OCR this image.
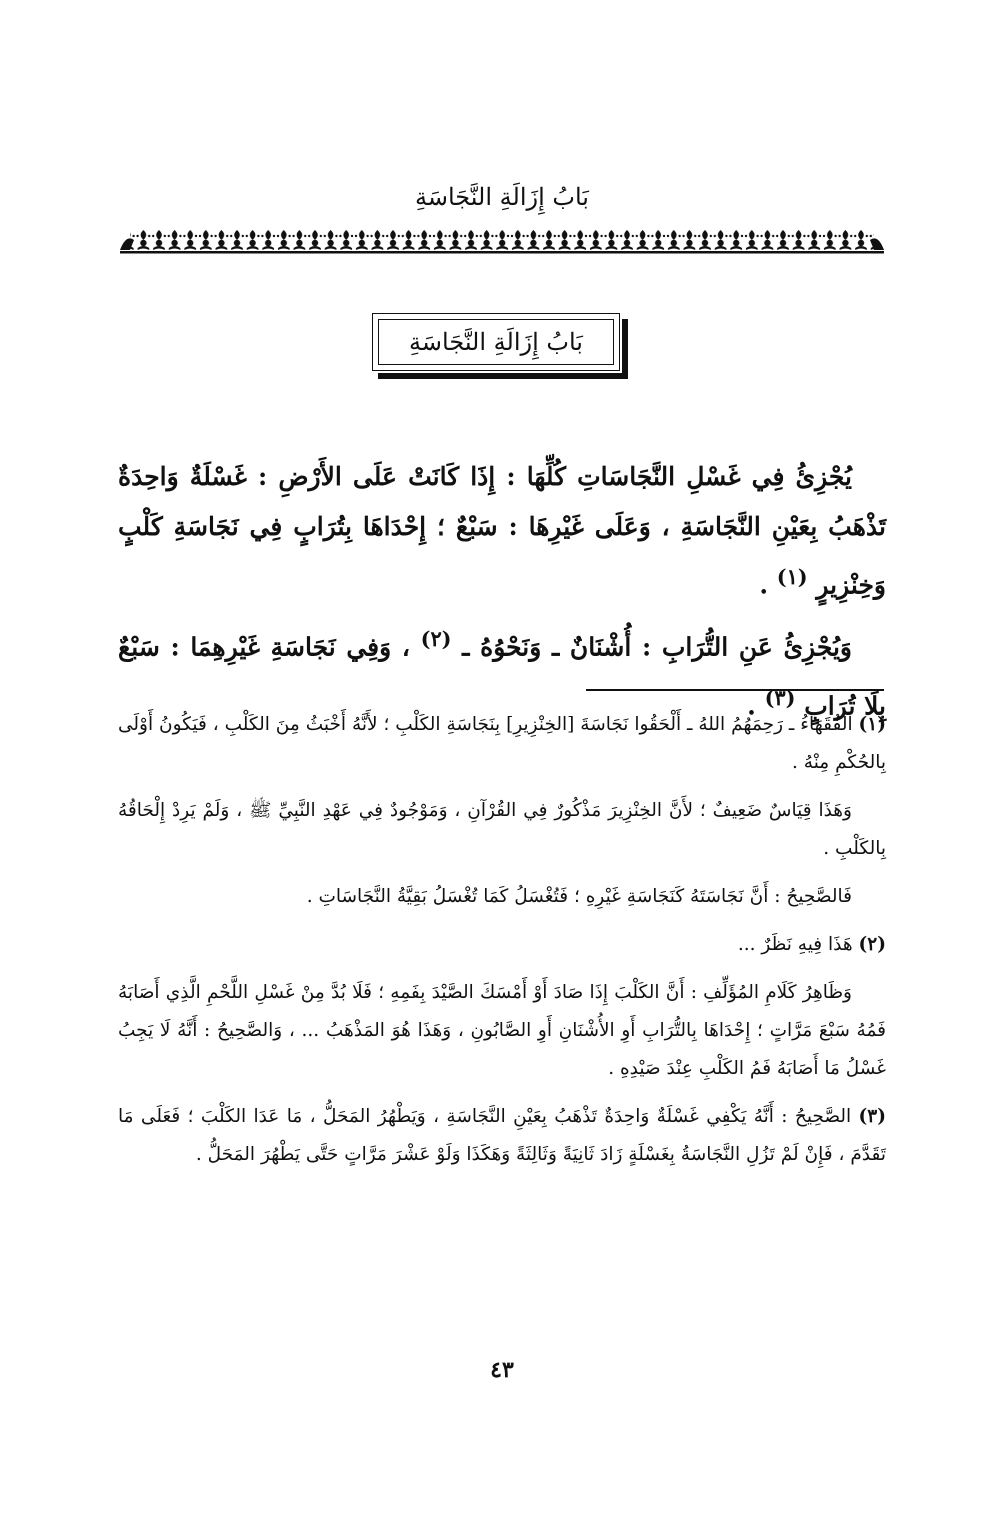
بَابُ إِزَالَةِ النَّجَاسَةِ
بَابُ إِزَالَةِ النَّجَاسَةِ

يُجْزِئُ فِي غَسْلِ النَّجَاسَاتِ كُلِّهَا : إِذَا كَانَتْ عَلَى الأَرْضِ : غَسْلَةٌ وَاحِدَةٌ تَذْهَبُ بِعَيْنِ النَّجَاسَةِ ، وَعَلَى غَيْرِهَا : سَبْعٌ ؛ إِحْدَاهَا بِتُرَابٍ فِي نَجَاسَةِ كَلْبٍ وَخِنْزِيرٍ $^{(١)}$ .

وَيُجْزِئُ عَنِ التُّرَابِ : أُشْنَانٌ ـ وَنَحْوُهُ ـ $^{(٢)}$ ، وَفِي نَجَاسَةِ غَيْرِهِمَا : سَبْعٌ بِلَا تُرَابٍ $^{(٣)}$ .

(١) الفُقَهَاءُ ـ رَحِمَهُمُ اللهُ ـ أَلْحَقُوا نَجَاسَةَ [الخِنْزِيرِ] بِنَجَاسَةِ الكَلْبِ ؛ لأَنَّهُ أَخْبَثُ مِنَ الكَلْبِ ، فَيَكُونُ أَوْلَى بِالحُكْمِ مِنْهُ .

وَهَذَا قِيَاسٌ ضَعِيفٌ ؛ لأَنَّ الخِنْزِيرَ مَذْكُورٌ فِي القُرْآنِ ، وَمَوْجُودٌ فِي عَهْدِ النَّبِيِّ ﷺ ، وَلَمْ يَرِدْ إِلْحَاقُهُ بِالكَلْبِ .

فَالصَّحِيحُ : أَنَّ نَجَاسَتَهُ كَنَجَاسَةِ غَيْرِهِ ؛ فَتُغْسَلُ كَمَا تُغْسَلُ بَقِيَّةُ النَّجَاسَاتِ .

(٢) هَذَا فِيهِ نَظَرٌ ...

وَظَاهِرُ كَلَامِ المُؤَلِّفِ : أَنَّ الكَلْبَ إِذَا صَادَ أَوْ أَمْسَكَ الصَّيْدَ بِفَمِهِ ؛ فَلَا بُدَّ مِنْ غَسْلِ اللَّحْمِ الَّذِي أَصَابَهُ فَمُهُ سَبْعَ مَرَّاتٍ ؛ إِحْدَاهَا بِالتُّرَابِ أَوِ الأُشْنَانِ أَوِ الصَّابُونِ ، وَهَذَا هُوَ المَذْهَبُ ... ، وَالصَّحِيحُ : أَنَّهُ لَا يَجِبُ غَسْلُ مَا أَصَابَهُ فَمُ الكَلْبِ عِنْدَ صَيْدِهِ .

(٣) الصَّحِيحُ : أَنَّهُ يَكْفِي غَسْلَةٌ وَاحِدَةٌ تَذْهَبُ بِعَيْنِ النَّجَاسَةِ ، وَيَطْهُرُ المَحَلُّ ، مَا عَدَا الكَلْبَ ؛ فَعَلَى مَا تَقَدَّمَ ، فَإِنْ لَمْ تَزُلِ النَّجَاسَةُ بِغَسْلَةٍ زَادَ ثَانِيَةً وَثَالِثَةً وَهَكَذَا وَلَوْ عَشْرَ مَرَّاتٍ حَتَّى يَطْهُرَ المَحَلُّ .

٤٣
